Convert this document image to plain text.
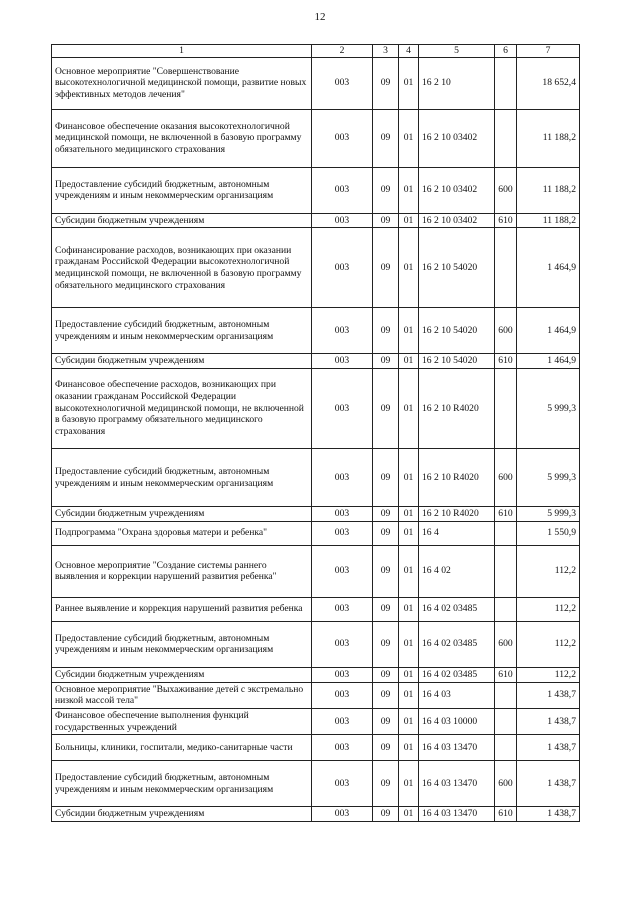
12
1	2	3	4	5	6	7
Основное мероприятие "Совершенствование высокотехнологичной медицинской помощи, развитие новых эффективных методов лечения"	003	09	01	16 2 10		18 652,4
Финансовое обеспечение оказания высокотехнологичной медицинской помощи, не включенной в базовую программу обязательного медицинского страхования	003	09	01	16 2 10 03402		11 188,2
Предоставление субсидий бюджетным, автономным учреждениям и иным некоммерческим организациям	003	09	01	16 2 10 03402	600	11 188,2
Субсидии бюджетным учреждениям	003	09	01	16 2 10 03402	610	11 188,2
Софинансирование расходов, возникающих при оказании гражданам Российской Федерации высокотехнологичной медицинской помощи, не включенной в базовую программу обязательного медицинского страхования	003	09	01	16 2 10 54020		1 464,9
Предоставление субсидий бюджетным, автономным учреждениям и иным некоммерческим организациям	003	09	01	16 2 10 54020	600	1 464,9
Субсидии бюджетным учреждениям	003	09	01	16 2 10 54020	610	1 464,9
Финансовое обеспечение расходов, возникающих при оказании гражданам Российской Федерации высокотехнологичной медицинской помощи, не включенной в базовую программу обязательного медицинского страхования	003	09	01	16 2 10 R4020		5 999,3
Предоставление субсидий бюджетным, автономным учреждениям и иным некоммерческим организациям	003	09	01	16 2 10 R4020	600	5 999,3
Субсидии бюджетным учреждениям	003	09	01	16 2 10 R4020	610	5 999,3
Подпрограмма "Охрана здоровья матери и ребенка"	003	09	01	16 4		1 550,9
Основное мероприятие "Создание системы раннего выявления и коррекции нарушений развития ребенка"	003	09	01	16 4 02		112,2
Раннее выявление и коррекция нарушений развития ребенка	003	09	01	16 4 02 03485		112,2
Предоставление субсидий бюджетным, автономным учреждениям и иным некоммерческим организациям	003	09	01	16 4 02 03485	600	112,2
Субсидии бюджетным учреждениям	003	09	01	16 4 02 03485	610	112,2
Основное мероприятие "Выхаживание детей с экстремально низкой массой тела"	003	09	01	16 4 03		1 438,7
Финансовое обеспечение выполнения функций государственных учреждений	003	09	01	16 4 03 10000		1 438,7
Больницы, клиники, госпитали, медико-санитарные части	003	09	01	16 4 03 13470		1 438,7
Предоставление субсидий бюджетным, автономным учреждениям и иным некоммерческим организациям	003	09	01	16 4 03 13470	600	1 438,7
Субсидии бюджетным учреждениям	003	09	01	16 4 03 13470	610	1 438,7
